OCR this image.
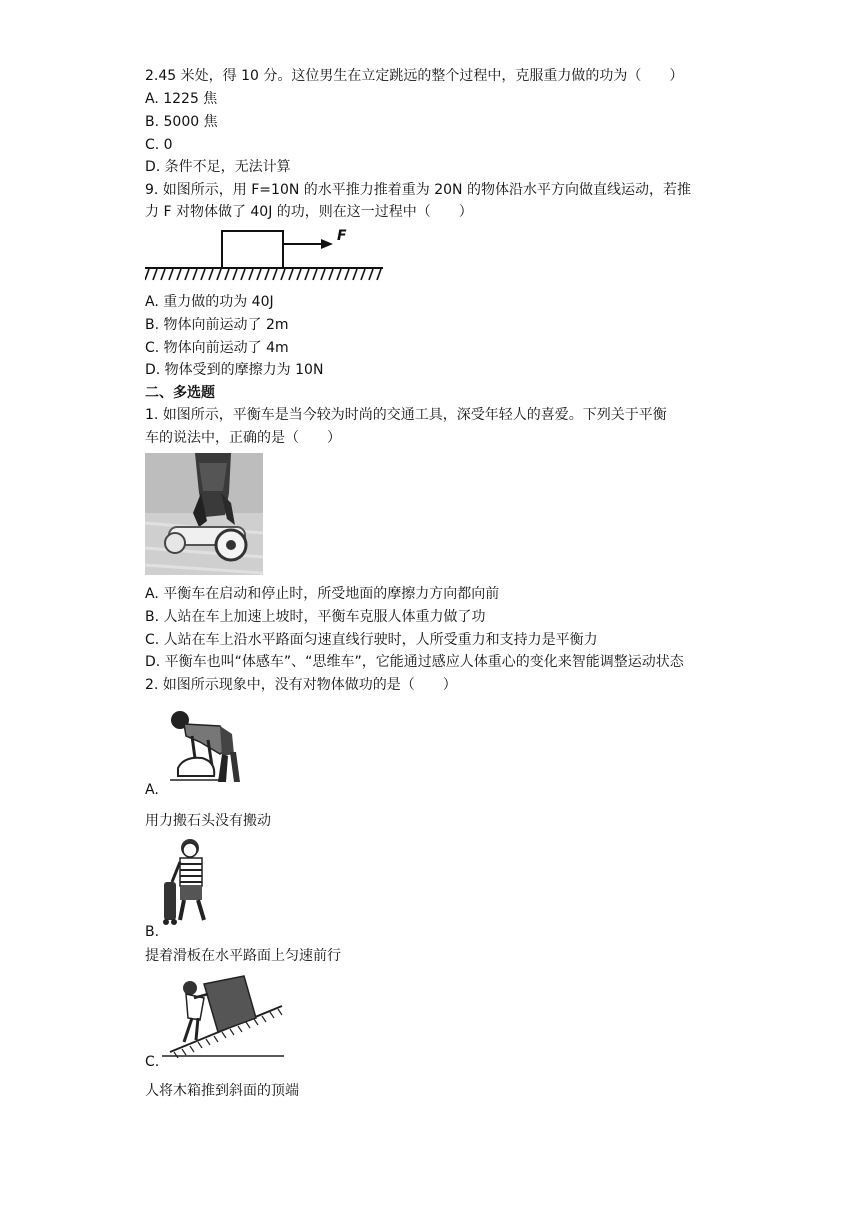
2.45 米处，得 10 分。这位男生在立定跳远的整个过程中，克服重力做的功为（　　）
A. 1225 焦
B. 5000 焦
C. 0
D. 条件不足，无法计算
9. 如图所示，用 F=10N 的水平推力推着重为 20N 的物体沿水平方向做直线运动，若推
力 F 对物体做了 40J 的功，则在这一过程中（　　）
F
A. 重力做的功为 40J
B. 物体向前运动了 2m
C. 物体向前运动了 4m
D. 物体受到的摩擦力为 10N
二、多选题
1. 如图所示，平衡车是当今较为时尚的交通工具，深受年轻人的喜爱。下列关于平衡
车的说法中，正确的是（　　）
A. 平衡车在启动和停止时，所受地面的摩擦力方向都向前
B. 人站在车上加速上坡时，平衡车克服人体重力做了功
C. 人站在车上沿水平路面匀速直线行驶时，人所受重力和支持力是平衡力
D. 平衡车也叫“体感车”、“思维车”，它能通过感应人体重心的变化来智能调整运动状态
2. 如图所示现象中，没有对物体做功的是（　　）
A.
用力搬石头没有搬动
B.
提着滑板在水平路面上匀速前行
C.
人将木箱推到斜面的顶端
